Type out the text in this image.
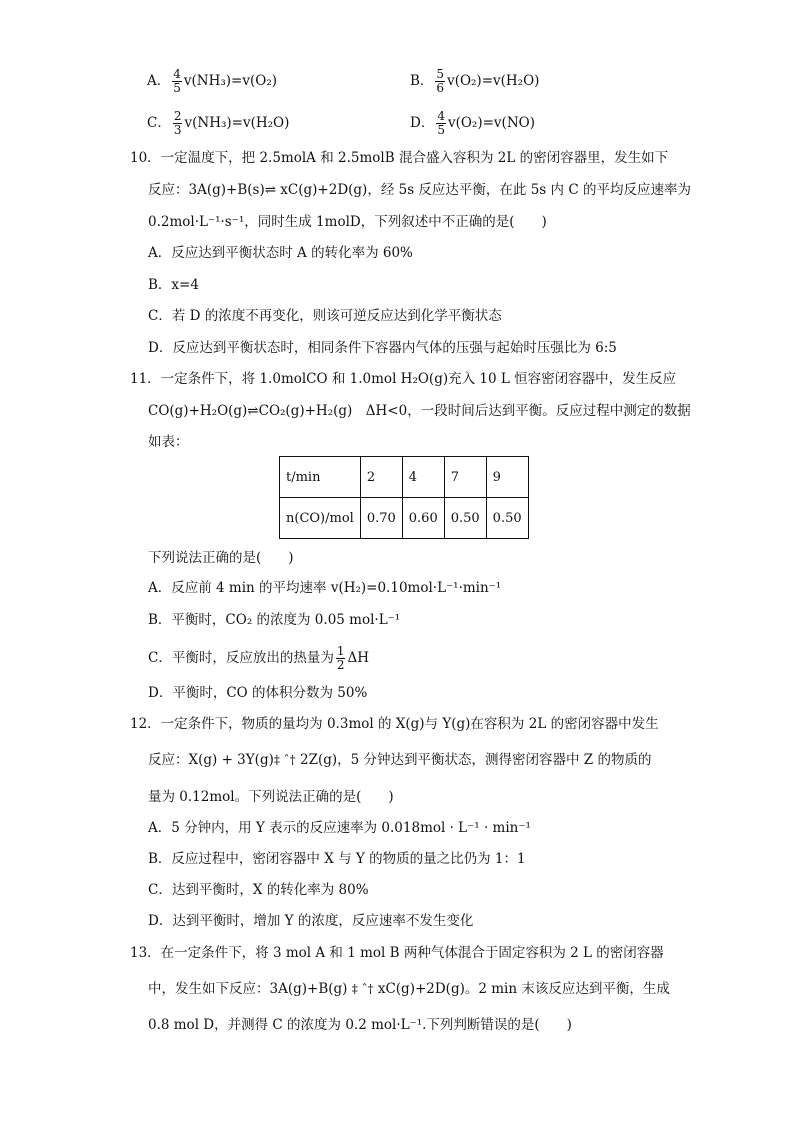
A． $\frac{4}{5} v(NH_3)=v(O_2)$	B． $\frac{5}{6} v(O_2)=v(H_2O)$
C． $\frac{2}{3} v(NH_3)=v(H_2O)$	D． $\frac{4}{5} v(O_2)=v(NO)$
10．一定温度下，把 2.5molA 和 2.5molB 混合盛入容积为 2L 的密闭容器里，发生如下
反应：3A(g)+B(s)⇌ xC(g)+2D(g)，经 5s 反应达平衡，在此 5s 内 C 的平均反应速率为
0.2mol·L⁻¹·s⁻¹，同时生成 1molD，下列叙述中不正确的是(　　)
A．反应达到平衡状态时 A 的转化率为 60%
B．x=4
C．若 D 的浓度不再变化，则该可逆反应达到化学平衡状态
D．反应达到平衡状态时，相同条件下容器内气体的压强与起始时压强比为 6:5
11．一定条件下，将 1.0molCO 和 1.0mol H₂O(g)充入 10 L 恒容密闭容器中，发生反应
CO(g)+H₂O(g)⇌CO₂(g)+H₂(g)　ΔH<0，一段时间后达到平衡。反应过程中测定的数据
如表：
t/min	2	4	7	9
n(CO)/mol	0.70	0.60	0.50	0.50
下列说法正确的是(　　)
A．反应前 4 min 的平均速率 v(H₂)=0.10mol·L⁻¹·min⁻¹
B．平衡时，CO₂ 的浓度为 0.05 mol·L⁻¹
C．平衡时，反应放出的热量为 $\frac{1}{2}$ ΔH
D．平衡时，CO 的体积分数为 50%
12．一定条件下，物质的量均为 0.3mol 的 X(g)与 Y(g)在容积为 2L 的密闭容器中发生
反应：X(g) + 3Y(g)‡ ˆ† 2Z(g)，5 分钟达到平衡状态，测得密闭容器中 Z 的物质的
量为 0.12mol。下列说法正确的是(　　)
A．5 分钟内，用 Y 表示的反应速率为 0.018mol · L⁻¹ · min⁻¹
B．反应过程中，密闭容器中 X 与 Y 的物质的量之比仍为 1：1
C．达到平衡时，X 的转化率为 80%
D．达到平衡时，增加 Y 的浓度，反应速率不发生变化
13．在一定条件下，将 3 mol A 和 1 mol B 两种气体混合于固定容积为 2 L 的密闭容器
中，发生如下反应：3A(g)+B(g) ‡ ˆ† xC(g)+2D(g)。2 min 末该反应达到平衡，生成
0.8 mol D，并测得 C 的浓度为 0.2 mol·L⁻¹.下列判断错误的是(　　)
